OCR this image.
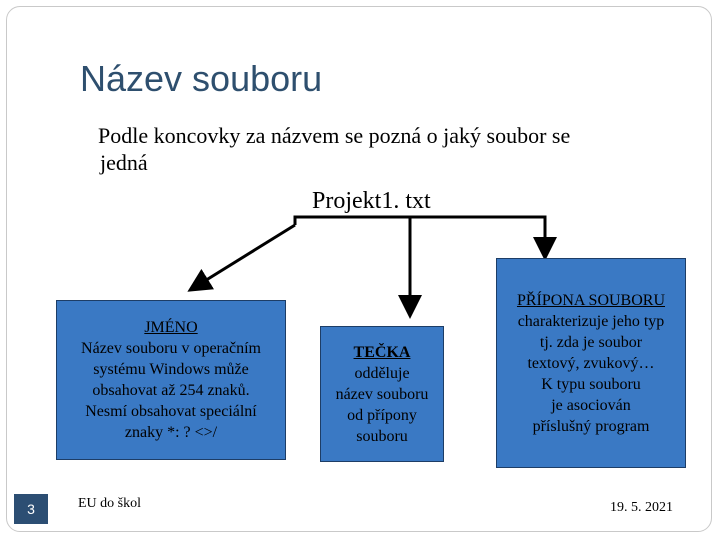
Název souboru
Podle koncovky za názvem se pozná o jaký soubor se
jedná
Projekt1. txt
JMÉNO
Název souboru v operačním
systému Windows může
obsahovat až 254 znaků.
Nesmí obsahovat speciální
znaky *: ? <>/
TEČKA
odděluje
název souboru
od přípony
souboru
PŘÍPONA SOUBORU
charakterizuje jeho typ
tj. zda je soubor
textový, zvukový…
K typu souboru
je asociován
příslušný program
3	EU do škol	19. 5. 2021
